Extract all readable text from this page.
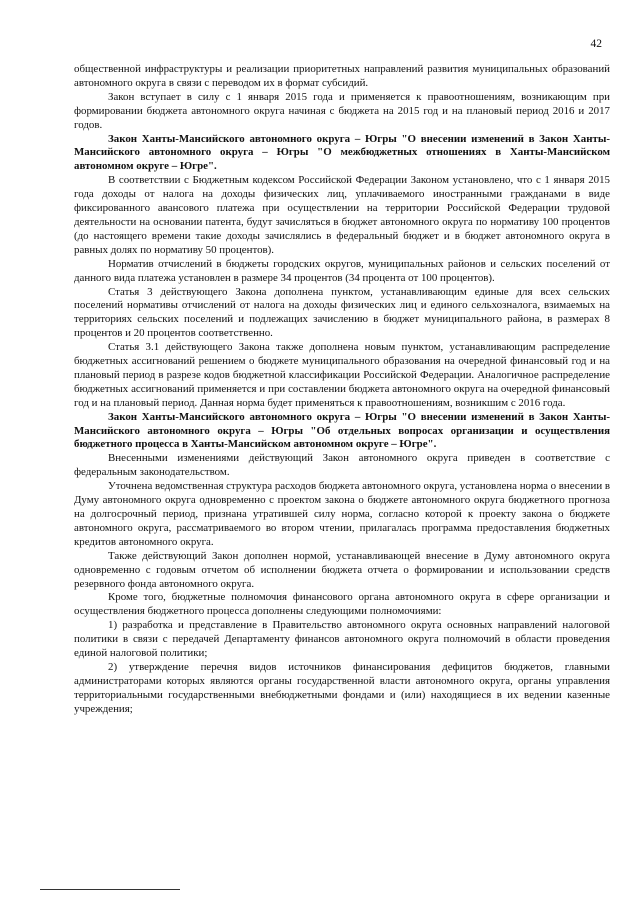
42

общественной инфраструктуры и реализации приоритетных направлений развития муниципальных образований автономного округа в связи с переводом их в формат субсидий.

Закон вступает в силу с 1 января 2015 года и применяется к правоотношениям, возникающим при формировании бюджета автономного округа начиная с бюджета на 2015 год и на плановый период 2016 и 2017 годов.

Закон Ханты-Мансийского автономного округа – Югры "О внесении изменений в Закон Ханты-Мансийского автономного округа – Югры "О межбюджетных отношениях в Ханты-Мансийском автономном округе – Югре".

В соответствии с Бюджетным кодексом Российской Федерации Законом установлено, что с 1 января 2015 года доходы от налога на доходы физических лиц, уплачиваемого иностранными гражданами в виде фиксированного авансового платежа при осуществлении на территории Российской Федерации трудовой деятельности на основании патента, будут зачисляться в бюджет автономного округа по нормативу 100 процентов (до настоящего времени такие доходы зачислялись в федеральный бюджет и в бюджет автономного округа в равных долях по нормативу 50 процентов).

Норматив отчислений в бюджеты городских округов, муниципальных районов и сельских поселений от данного вида платежа установлен в размере 34 процентов (34 процента от 100 процентов).

Статья 3 действующего Закона дополнена пунктом, устанавливающим единые для всех сельских поселений нормативы отчислений от налога на доходы физических лиц и единого сельхозналога, взимаемых на территориях сельских поселений и подлежащих зачислению в бюджет муниципального района, в размерах 8 процентов и 20 процентов соответственно.

Статья 3.1 действующего Закона также дополнена новым пунктом, устанавливающим распределение бюджетных ассигнований решением о бюджете муниципального образования на очередной финансовый год и на плановый период в разрезе кодов бюджетной классификации Российской Федерации. Аналогичное распределение бюджетных ассигнований применяется и при составлении бюджета автономного округа на очередной финансовый год и на плановый период. Данная норма будет применяться к правоотношениям, возникшим с 2016 года.

Закон Ханты-Мансийского автономного округа – Югры "О внесении изменений в Закон Ханты-Мансийского автономного округа – Югры "Об отдельных вопросах организации и осуществления бюджетного процесса в Ханты-Мансийском автономном округе – Югре".

Внесенными изменениями действующий Закон автономного округа приведен в соответствие с федеральным законодательством.

Уточнена ведомственная структура расходов бюджета автономного округа, установлена норма о внесении в Думу автономного округа одновременно с проектом закона о бюджете автономного округа бюджетного прогноза на долгосрочный период, признана утратившей силу норма, согласно которой к проекту закона о бюджете автономного округа, рассматриваемого во втором чтении, прилагалась программа предоставления бюджетных кредитов автономного округа.

Также действующий Закон дополнен нормой, устанавливающей внесение в Думу автономного округа одновременно с годовым отчетом об исполнении бюджета отчета о формировании и использовании средств резервного фонда автономного округа.

Кроме того, бюджетные полномочия финансового органа автономного округа в сфере организации и осуществления бюджетного процесса дополнены следующими полномочиями:

1) разработка и представление в Правительство автономного округа основных направлений налоговой политики в связи с передачей Департаменту финансов автономного округа полномочий в области проведения единой налоговой политики;

2) утверждение перечня видов источников финансирования дефицитов бюджетов, главными администраторами которых являются органы государственной власти автономного округа, органы управления территориальными государственными внебюджетными фондами и (или) находящиеся в их ведении казенные учреждения;
